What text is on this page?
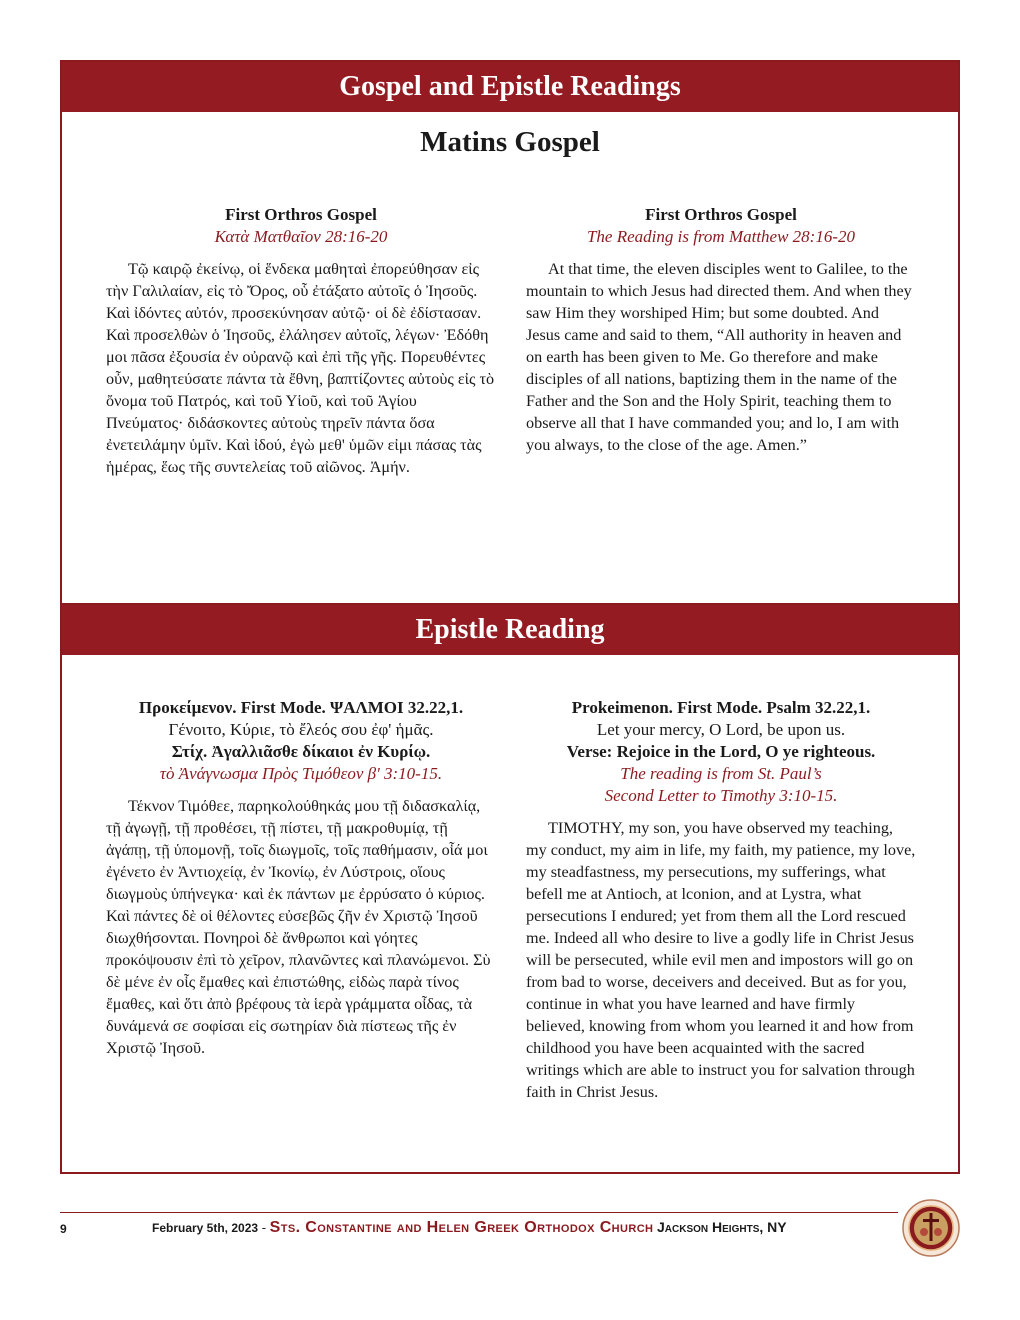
Gospel and Epistle Readings
Matins Gospel
First Orthros Gospel
Κατὰ Ματθαῖον 28:16-20
Τῷ καιρῷ ἐκείνῳ, οἱ ἕνδεκα μαθηταὶ ἐπορεύθησαν εἰς τὴν Γαλιλαίαν, εἰς τὸ Ὄρος, οὗ ἐτάξατο αὐτοῖς ὁ Ἰησοῦς. Καὶ ἰδόντες αὐτόν, προσεκύνησαν αὐτῷ· οἱ δὲ ἐδίστασαν. Καὶ προσελθὼν ὁ Ἰησοῦς, ἐλάλησεν αὐτοῖς, λέγων· Ἐδόθη μοι πᾶσα ἐξουσία ἐν οὐρανῷ καὶ ἐπὶ τῆς γῆς. Πορευθέντες οὖν, μαθητεύσατε πάντα τὰ ἔθνη, βαπτίζοντες αὐτοὺς εἰς τὸ ὄνομα τοῦ Πατρός, καὶ τοῦ Υἱοῦ, καὶ τοῦ Ἁγίου Πνεύματος· διδάσκοντες αὐτοὺς τηρεῖν πάντα ὅσα ἐνετειλάμην ὑμῖν. Καὶ ἰδού, ἐγὼ μεθ' ὑμῶν εἰμι πάσας τὰς ἡμέρας, ἕως τῆς συντελείας τοῦ αἰῶνος. Ἀμήν.
First Orthros Gospel
The Reading is from Matthew 28:16-20
At that time, the eleven disciples went to Galilee, to the mountain to which Jesus had directed them. And when they saw Him they worshiped Him; but some doubted. And Jesus came and said to them, “All authority in heaven and on earth has been given to Me. Go therefore and make disciples of all nations, baptizing them in the name of the Father and the Son and the Holy Spirit, teaching them to observe all that I have commanded you; and lo, I am with you always, to the close of the age. Amen.”
Epistle Reading
Προκείμενον. First Mode. ΨΑΛΜΟΙ 32.22,1.
Γένοιτο, Κύριε, τὸ ἔλεός σου ἐφ' ἡμᾶς.
Στίχ. Ἀγαλλιᾶσθε δίκαιοι ἐν Κυρίῳ.
τὸ Ἀνάγνωσμα Πρὸς Τιμόθεον β' 3:10-15.
Τέκνον Τιμόθεε, παρηκολούθηκάς μου τῇ διδασκαλίᾳ, τῇ ἀγωγῇ, τῇ προθέσει, τῇ πίστει, τῇ μακροθυμίᾳ, τῇ ἀγάπῃ, τῇ ὑπομονῇ, τοῖς διωγμοῖς, τοῖς παθήμασιν, οἷά μοι ἐγένετο ἐν Ἀντιοχείᾳ, ἐν Ἰκονίῳ, ἐν Λύστροις, οἵους διωγμοὺς ὑπήνεγκα· καὶ ἐκ πάντων με ἐρρύσατο ὁ κύριος. Καὶ πάντες δὲ οἱ θέλοντες εὐσεβῶς ζῆν ἐν Χριστῷ Ἰησοῦ διωχθήσονται. Πονηροὶ δὲ ἄνθρωποι καὶ γόητες προκόψουσιν ἐπὶ τὸ χεῖρον, πλανῶντες καὶ πλανώμενοι. Σὺ δὲ μένε ἐν οἷς ἔμαθες καὶ ἐπιστώθης, εἰδὼς παρὰ τίνος ἔμαθες, καὶ ὅτι ἀπὸ βρέφους τὰ ἱερὰ γράμματα οἶδας, τὰ δυνάμενά σε σοφίσαι εἰς σωτηρίαν διὰ πίστεως τῆς ἐν Χριστῷ Ἰησοῦ.
Prokeimenon. First Mode. Psalm 32.22,1.
Let your mercy, O Lord, be upon us.
Verse: Rejoice in the Lord, O ye righteous.
The reading is from St. Paul’s
Second Letter to Timothy 3:10-15.
TIMOTHY, my son, you have observed my teaching, my conduct, my aim in life, my faith, my patience, my love, my steadfastness, my persecutions, my sufferings, what befell me at Antioch, at lconion, and at Lystra, what persecutions I endured; yet from them all the Lord rescued me. Indeed all who desire to live a godly life in Christ Jesus will be persecuted, while evil men and impostors will go on from bad to worse, deceivers and deceived. But as for you, continue in what you have learned and have firmly believed, knowing from whom you learned it and how from childhood you have been acquainted with the sacred writings which are able to instruct you for salvation through faith in Christ Jesus.
9	February 5th, 2023 - Sts. Constantine and Helen Greek Orthodox Church Jackson Heights, NY
